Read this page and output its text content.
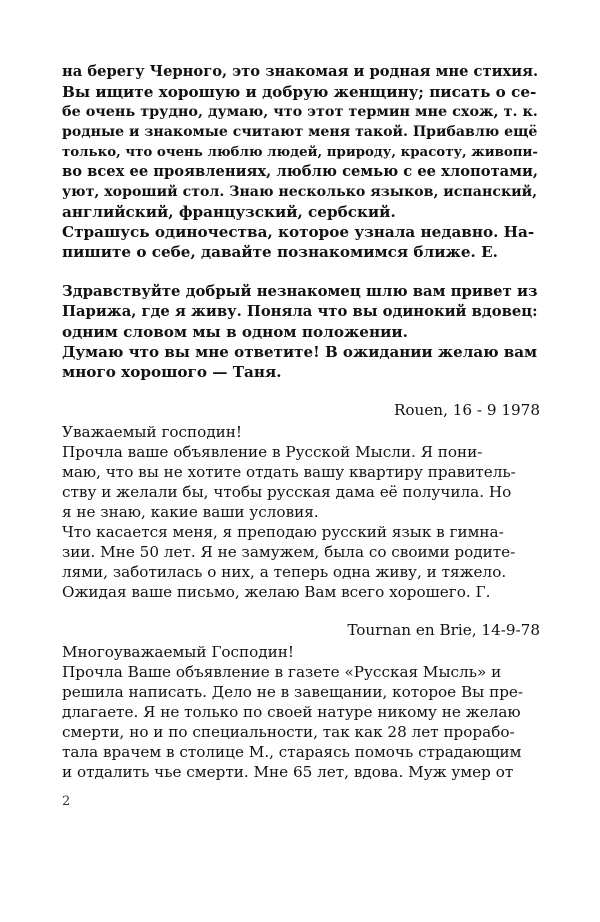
на берегу Черного, это знакомая и родная мне стихия.
Вы ищите хорошую и добрую женщину; писать о се-
бе очень трудно, думаю, что этот термин мне схож, т. к.
родные и знакомые считают меня такой. Прибавлю ещё
только, что очень люблю людей, природу, красоту, живопи-
во всех ее проявлениях, люблю семью с ее хлопотами,
уют, хороший стол. Знаю несколько языков, испанский,
английский, французский, сербский.
Страшусь одиночества, которое узнала недавно. На-
пишите о себе, давайте познакомимся ближе. Е.
Здравствуйте добрый незнакомец шлю вам привет из
Парижа, где я живу. Поняла что вы одинокий вдовец:
одним словом мы в одном положении.
Думаю что вы мне ответите! В ожидании желаю вам
много хорошого — Таня.
Rouen, 16 - 9 1978
Уважаемый господин!
Прочла ваше объявление в Русской Мысли. Я пони-
маю, что вы не хотите отдать вашу квартиру правитель-
ству и желали бы, чтобы русская дама её получила. Но
я не знаю, какие ваши условия.
Что касается меня, я преподаю русский язык в гимна-
зии. Мне 50 лет. Я не замужем, была со своими родите-
лями, заботилась о них, а теперь одна живу, и тяжело.
Ожидая ваше письмо, желаю Вам всего хорошего. Г.
Tournan en Brie, 14-9-78
Многоуважаемый Господин!
Прочла Ваше объявление в газете «Русская Мысль» и
решила написать. Дело не в завещании, которое Вы пре-
длагаете. Я не только по своей натуре никому не желаю
смерти, но и по специальности, так как 28 лет прорабо-
тала врачем в столице М., стараясь помочь страдающим
и отдалить чье смерти. Мне 65 лет, вдова. Муж умер от
2
